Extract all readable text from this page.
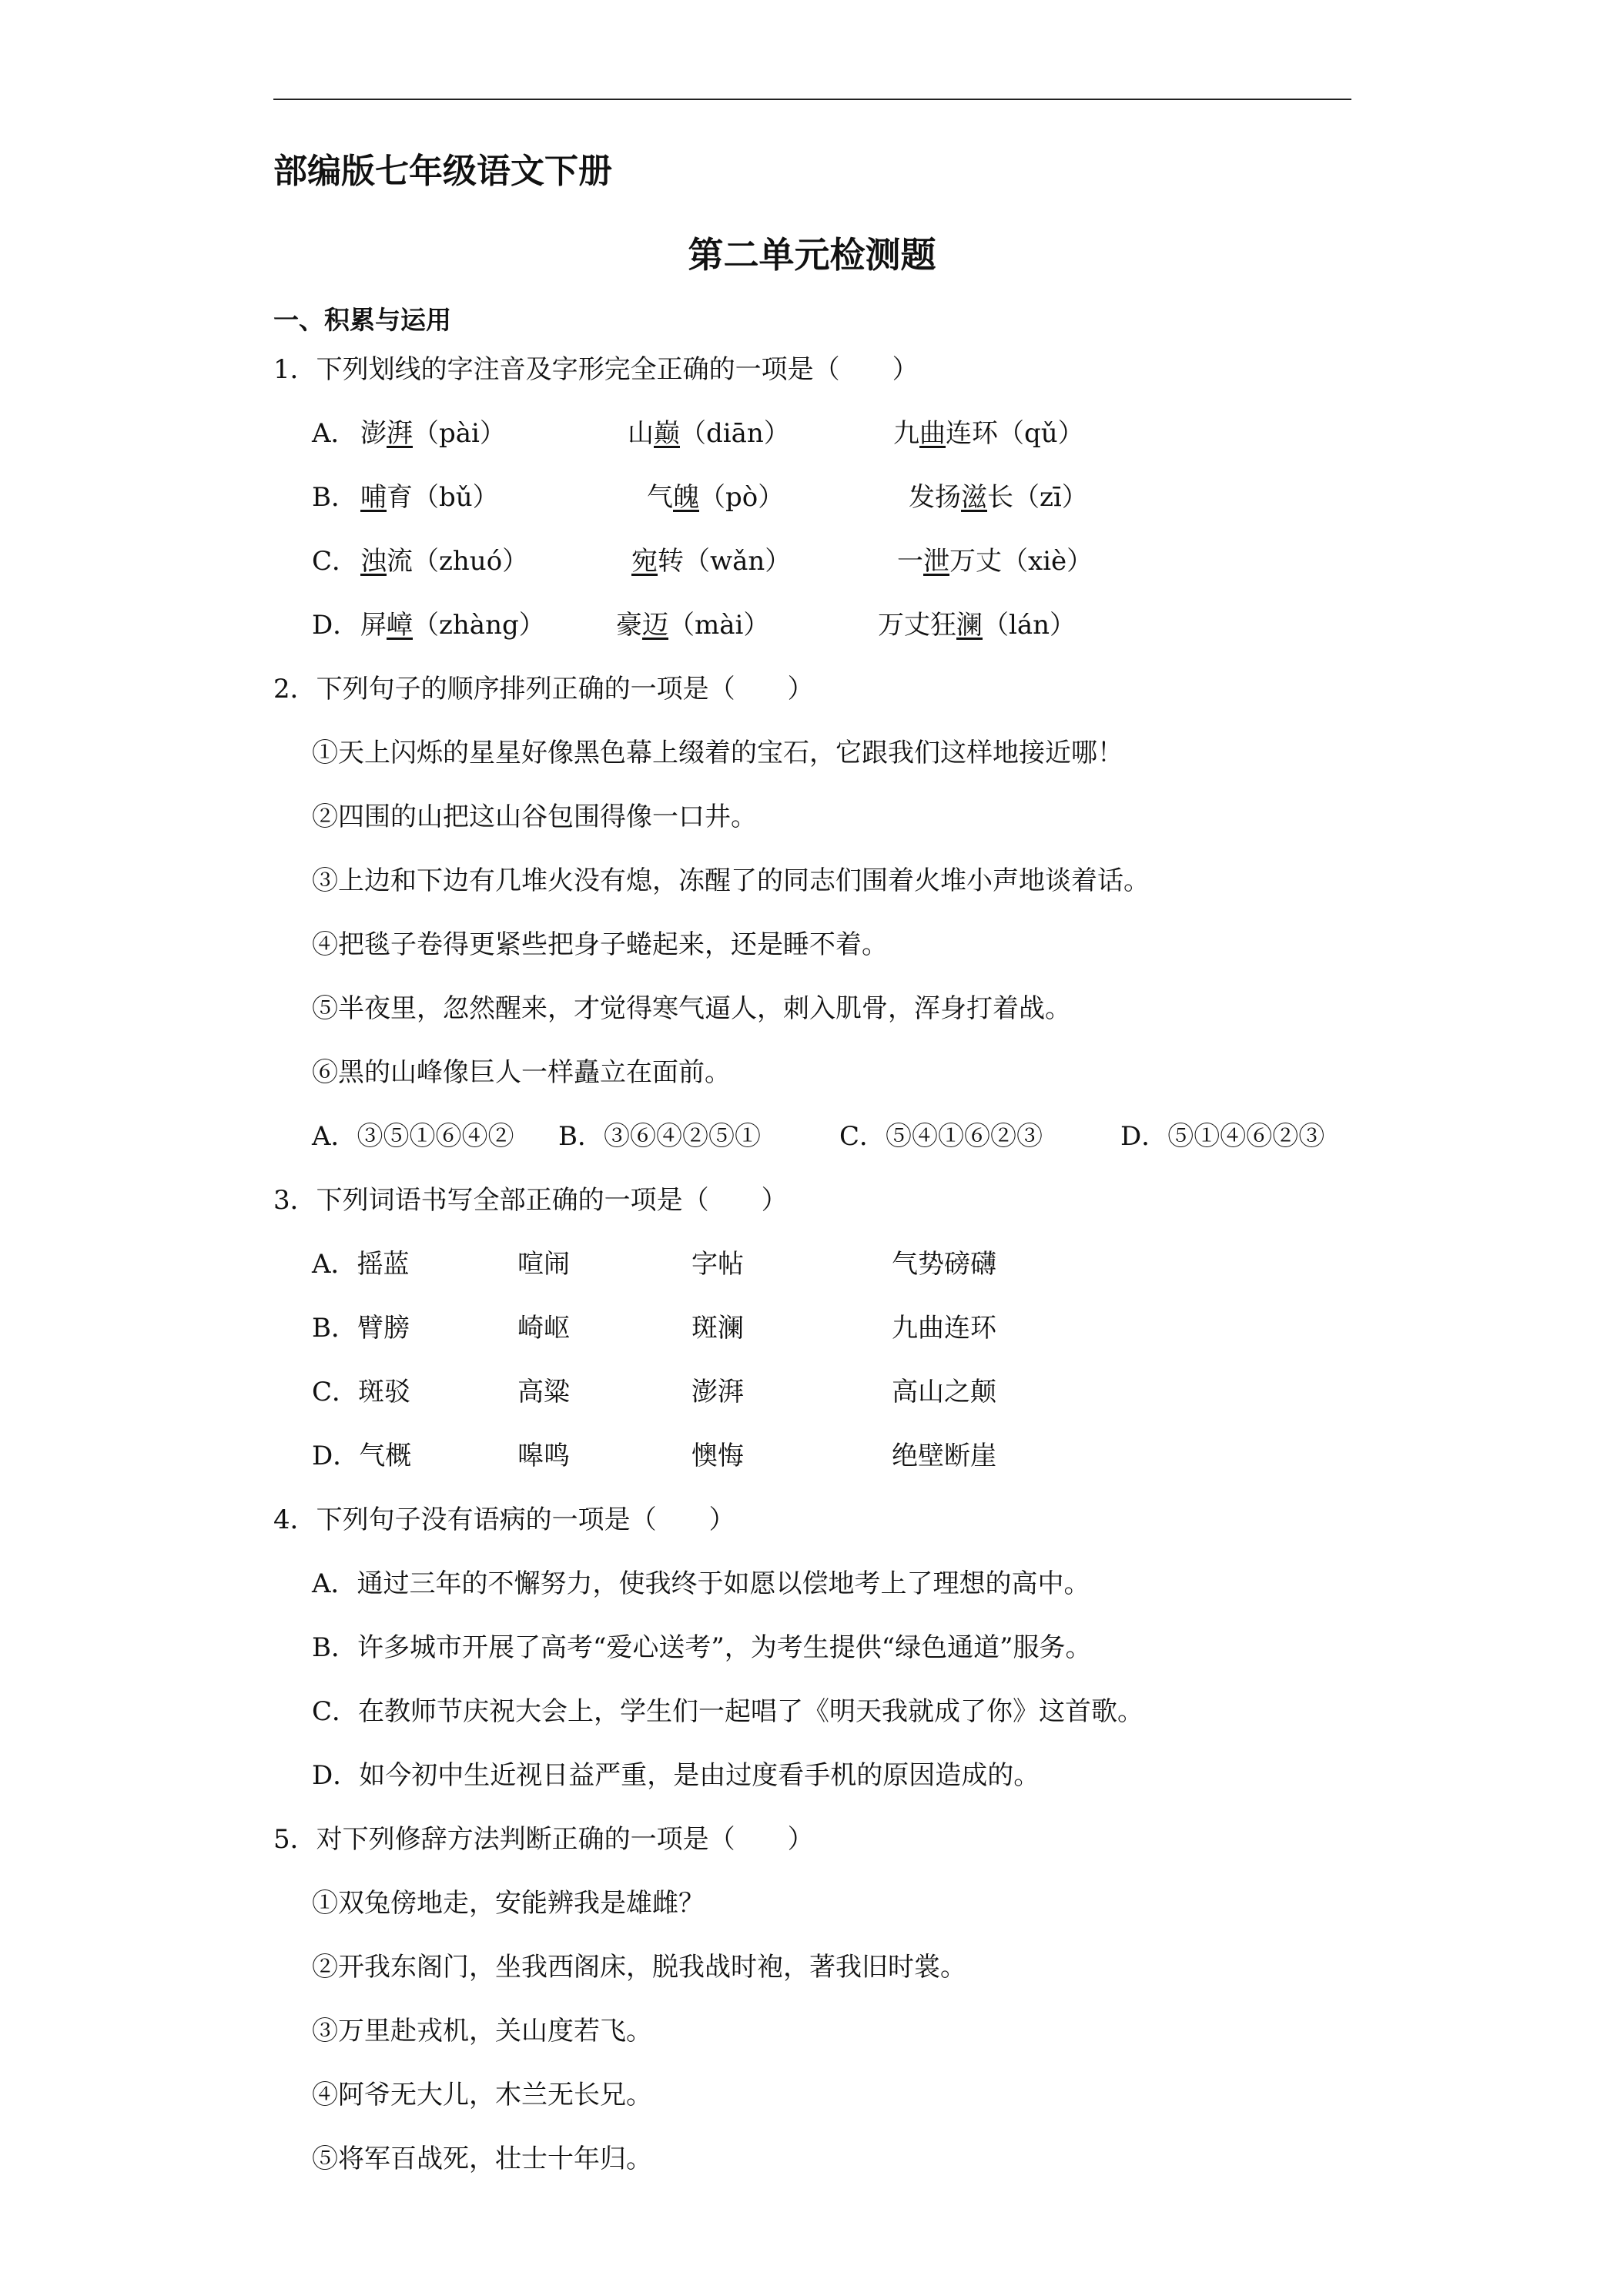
部编版七年级语文下册
第二单元检测题
一、积累与运用
1．下列划线的字注音及字形完全正确的一项是（　　）
A． 澎湃（pài）	山巅（diān）	九曲连环（qǔ）
B． 哺育（bǔ）	气魄（pò）	发扬滋长（zī）
C． 浊流（zhuó）	宛转（wǎn）	一泄万丈（xiè）
D． 屏嶂（zhàng）	豪迈（mài）	万丈狂澜（lán）
2．下列句子的顺序排列正确的一项是（　　）
①天上闪烁的星星好像黑色幕上缀着的宝石，它跟我们这样地接近哪！
②四围的山把这山谷包围得像一口井。
③上边和下边有几堆火没有熄，冻醒了的同志们围着火堆小声地谈着话。
④把毯子卷得更紧些把身子蜷起来，还是睡不着。
⑤半夜里，忽然醒来，才觉得寒气逼人，刺入肌骨，浑身打着战。
⑥黑的山峰像巨人一样矗立在面前。
A．③⑤①⑥④② B．③⑥④②⑤①	C．⑤④①⑥②③	D．⑤①④⑥②③
3．下列词语书写全部正确的一项是（　　）
A．摇蓝	喧闹	字帖	气势磅礴
B．臂膀	崎岖	斑澜	九曲连环
C．斑驳	高粱	澎湃	高山之颠
D．气概	嗥鸣	懊悔	绝壁断崖
4．下列句子没有语病的一项是（　　）
A．通过三年的不懈努力，使我终于如愿以偿地考上了理想的高中。
B．许多城市开展了高考“爱心送考”，为考生提供“绿色通道”服务。
C．在教师节庆祝大会上，学生们一起唱了《明天我就成了你》这首歌。
D．如今初中生近视日益严重，是由过度看手机的原因造成的。
5．对下列修辞方法判断正确的一项是（　　）
①双兔傍地走，安能辨我是雄雌？
②开我东阁门，坐我西阁床，脱我战时袍，著我旧时裳。
③万里赴戎机，关山度若飞。
④阿爷无大儿，木兰无长兄。
⑤将军百战死，壮士十年归。
